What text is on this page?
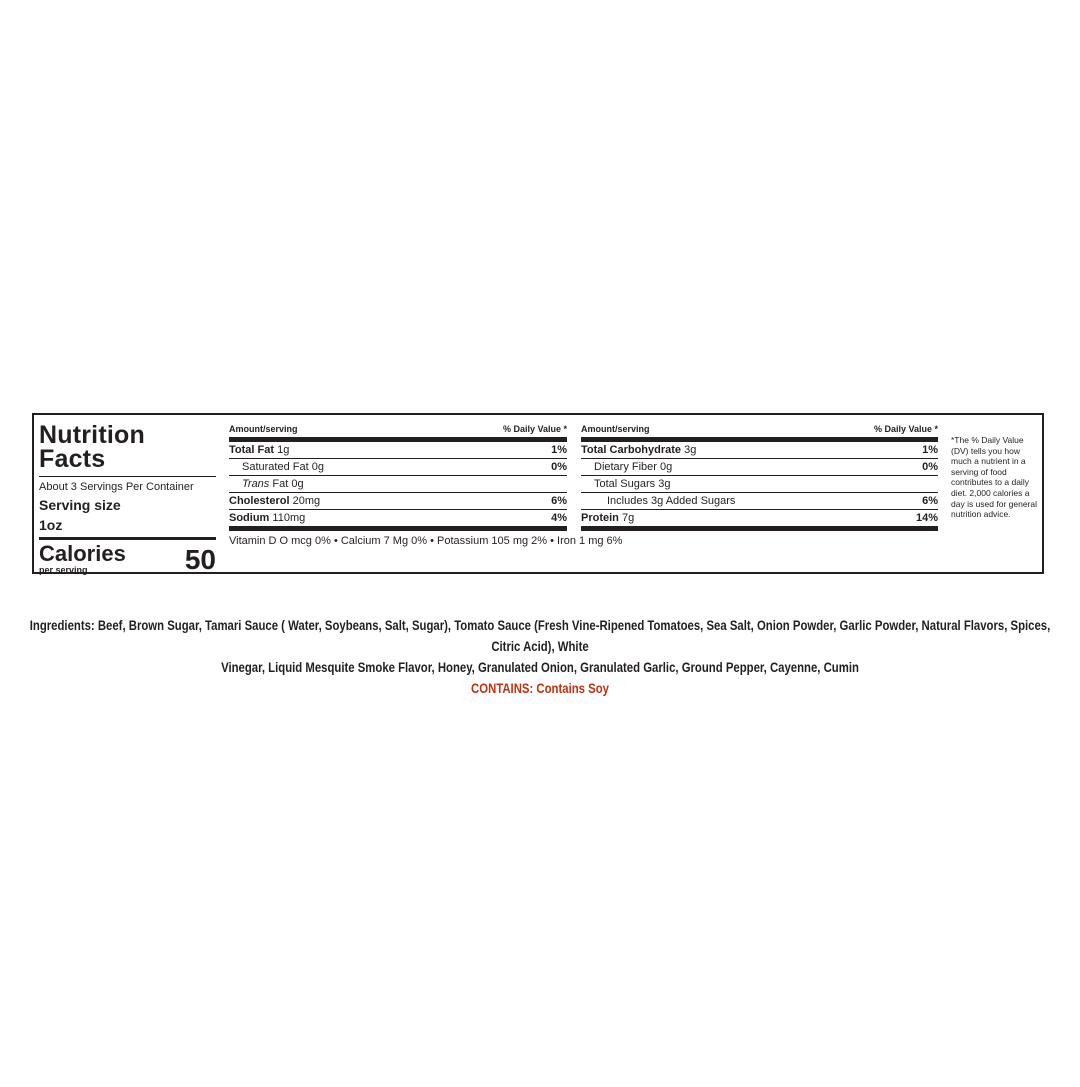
Nutrition
Facts
About 3 Servings Per Container
Serving size
1oz
Calories
per serving	50
Amount/serving	% Daily Value *
Total Fat 1g	1%
Saturated Fat 0g	0%
Trans Fat 0g
Cholesterol 20mg	6%
Sodium 110mg	4%
Amount/serving	% Daily Value *
Total Carbohydrate 3g	1%
Dietary Fiber 0g	0%
Total Sugars 3g
Includes 3g Added Sugars	6%
Protein 7g	14%
Vitamin D O mcg 0% • Calcium 7 Mg 0% • Potassium 105 mg 2% • Iron 1 mg 6%
*The % Daily Value (DV) tells you how much a nutrient in a serving of food contributes to a daily diet. 2,000 calories a day is used for general nutrition advice.
Ingredients: Beef, Brown Sugar, Tamari Sauce ( Water, Soybeans, Salt, Sugar), Tomato Sauce (Fresh Vine-Ripened Tomatoes, Sea Salt, Onion Powder, Garlic Powder, Natural Flavors, Spices, Citric Acid), White
Vinegar, Liquid Mesquite Smoke Flavor, Honey, Granulated Onion, Granulated Garlic, Ground Pepper, Cayenne, Cumin
CONTAINS: Contains Soy
